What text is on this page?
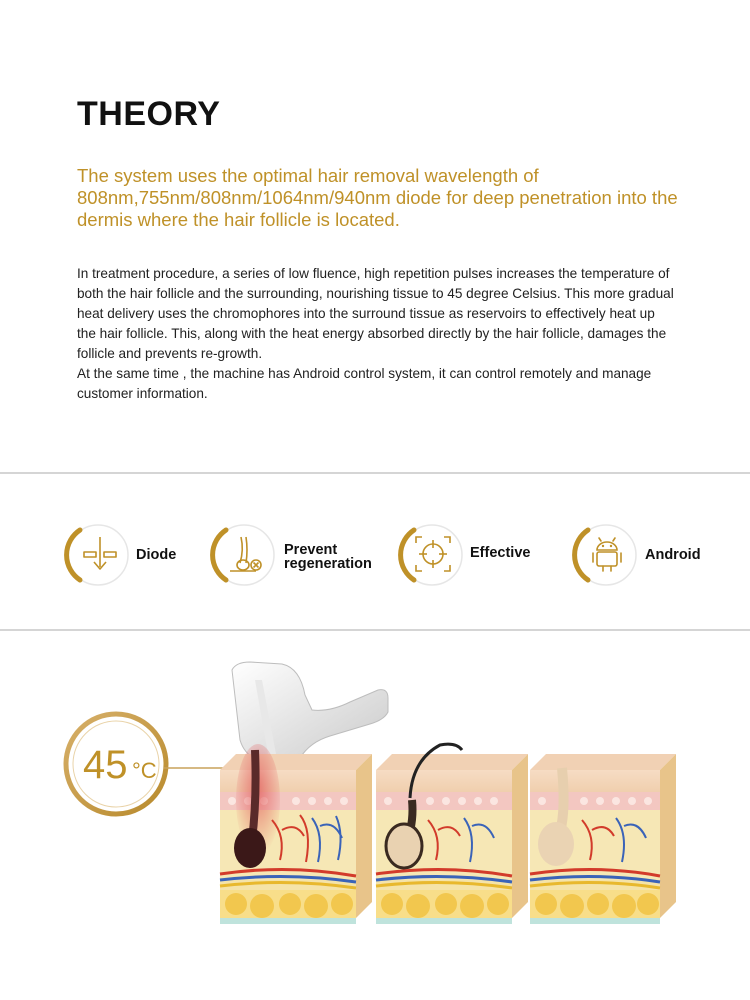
THEORY

The system uses the optimal hair removal wavelength of 808nm,755nm/808nm/1064nm/940nm diode for deep penetration into the dermis where the hair follicle is located.

In treatment procedure, a series of low fluence, high repetition pulses increases the temperature of both the hair follicle and the surrounding, nourishing tissue to 45 degree Celsius. This more gradual heat delivery uses the chromophores into the surround tissue as reservoirs to effectively heat up the hair follicle. This, along with the heat energy absorbed directly by the hair follicle, damages the follicle and prevents re-growth.

At the same time , the machine has Android control system, it can control remotely and manage customer information.

Diode	Prevent
regeneration
Effective	Android
45 °C
